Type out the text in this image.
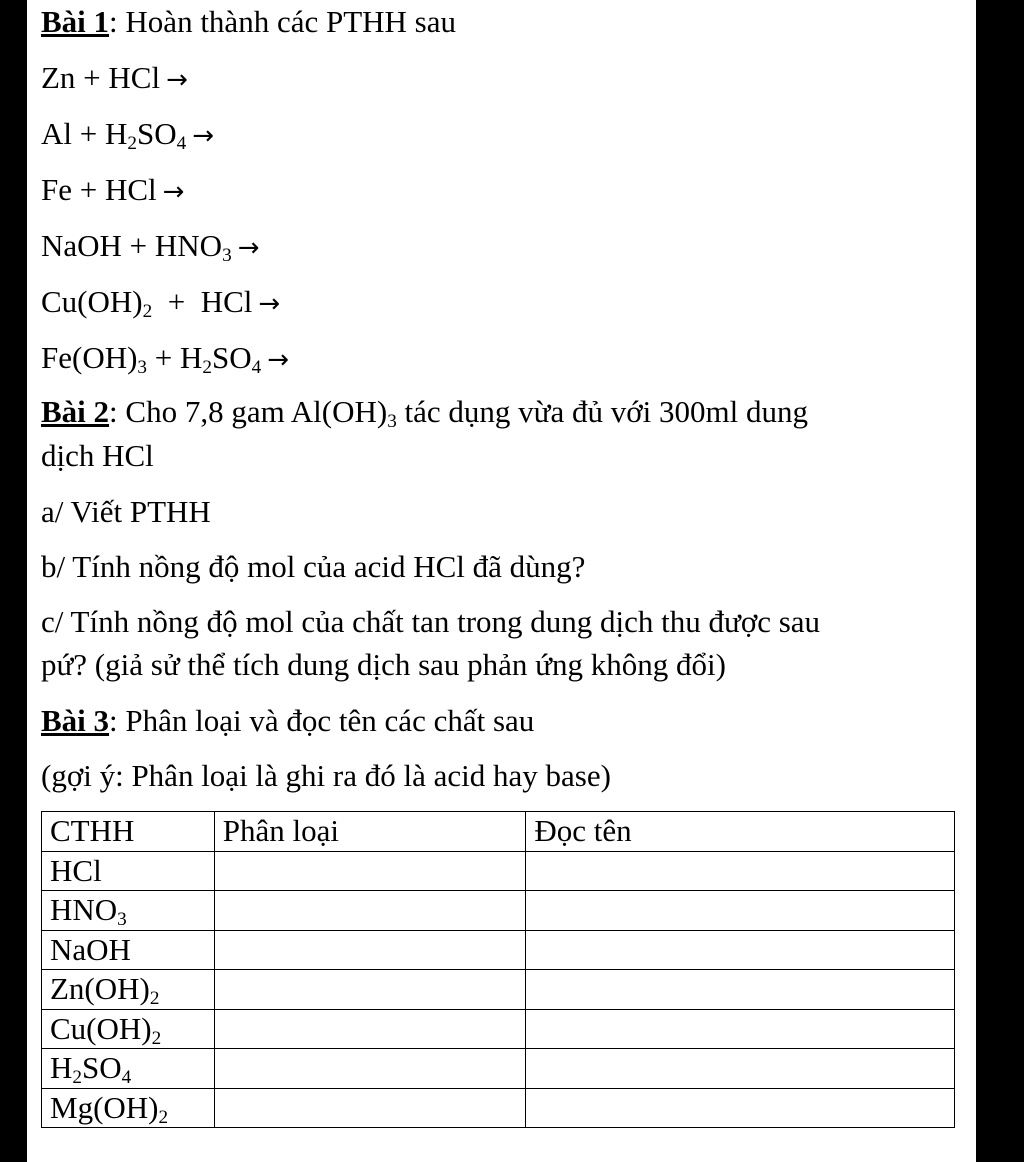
Bài 1: Hoàn thành các PTHH sau
Zn + HCl →
$Al + H_2SO_4$ →
Fe + HCl →
NaOH + $HNO_3$ →
$Cu(OH)_2$  +  HCl →
$Fe(OH)_3 + H_2SO_4$ →
Bài 2: Cho 7,8 gam $Al(OH)_3$ tác dụng vừa đủ với 300ml dung
dịch HCl
a/ Viết PTHH
b/ Tính nồng độ mol của acid HCl đã dùng?
c/ Tính nồng độ mol của chất tan trong dung dịch thu được sau
pứ? (giả sử thể tích dung dịch sau phản ứng không đổi)
Bài 3: Phân loại và đọc tên các chất sau
(gợi ý: Phân loại là ghi ra đó là acid hay base)
CTHH	Phân loại	Đọc tên
HCl		
$HNO_3$		
NaOH		
$Zn(OH)_2$		
$Cu(OH)_2$		
$H_2SO_4$		
$Mg(OH)_2$		
